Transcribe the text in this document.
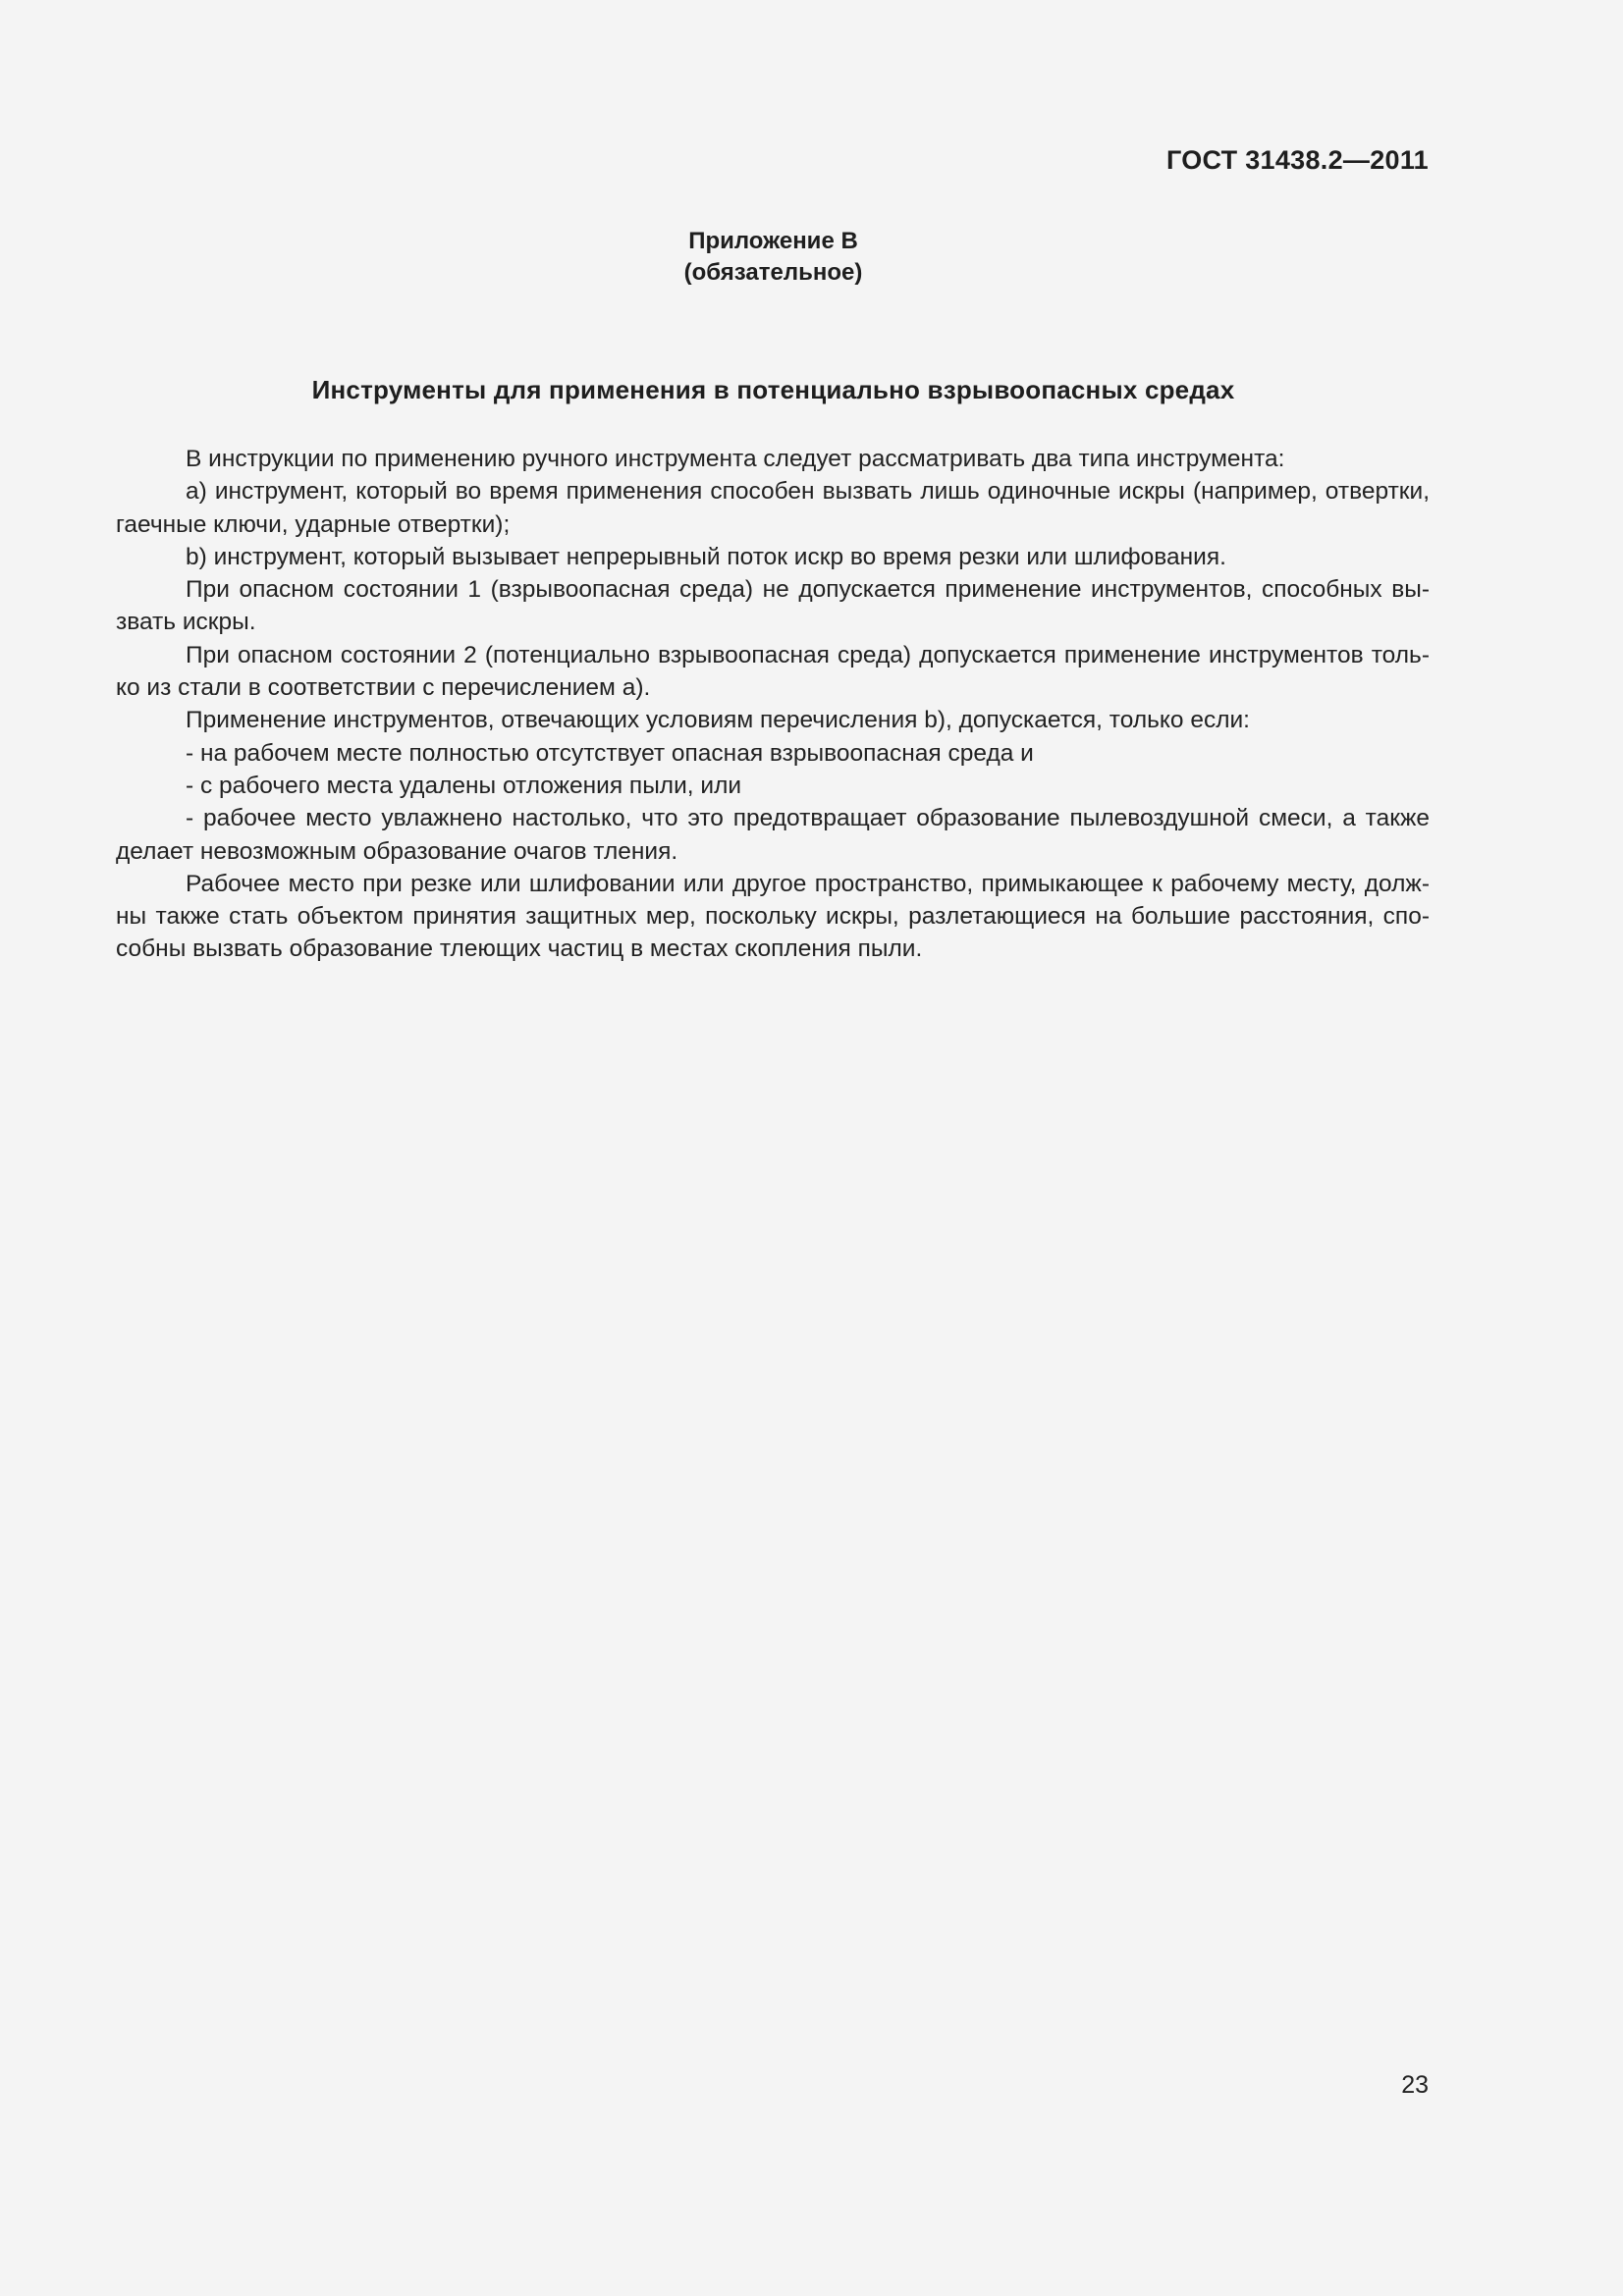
ГОСТ 31438.2—2011
Приложение В
(обязательное)
Инструменты для применения в потенциально взрывоопасных средах

В инструкции по применению ручного инструмента следует рассматривать два типа инструмента:

а) инструмент, который во время применения способен вызвать лишь одиночные искры (например, отвертки, гаечные ключи, ударные отвертки);

b) инструмент, который вызывает непрерывный поток искр во время резки или шлифования.

При опасном состоянии 1 (взрывоопасная среда) не допускается применение инструментов, способных вызвать искры.

При опасном состоянии 2 (потенциально взрывоопасная среда) допускается применение инструментов только из стали в соответствии с перечислением а).

Применение инструментов, отвечающих условиям перечисления b), допускается, только если:

- на рабочем месте полностью отсутствует опасная взрывоопасная среда и

- с рабочего места удалены отложения пыли, или

- рабочее место увлажнено настолько, что это предотвращает образование пылевоздушной смеси, а также делает невозможным образование очагов тления.

Рабочее место при резке или шлифовании или другое пространство, примыкающее к рабочему месту, должны также стать объектом принятия защитных мер, поскольку искры, разлетающиеся на большие расстояния, способны вызвать образование тлеющих частиц в местах скопления пыли.

23
